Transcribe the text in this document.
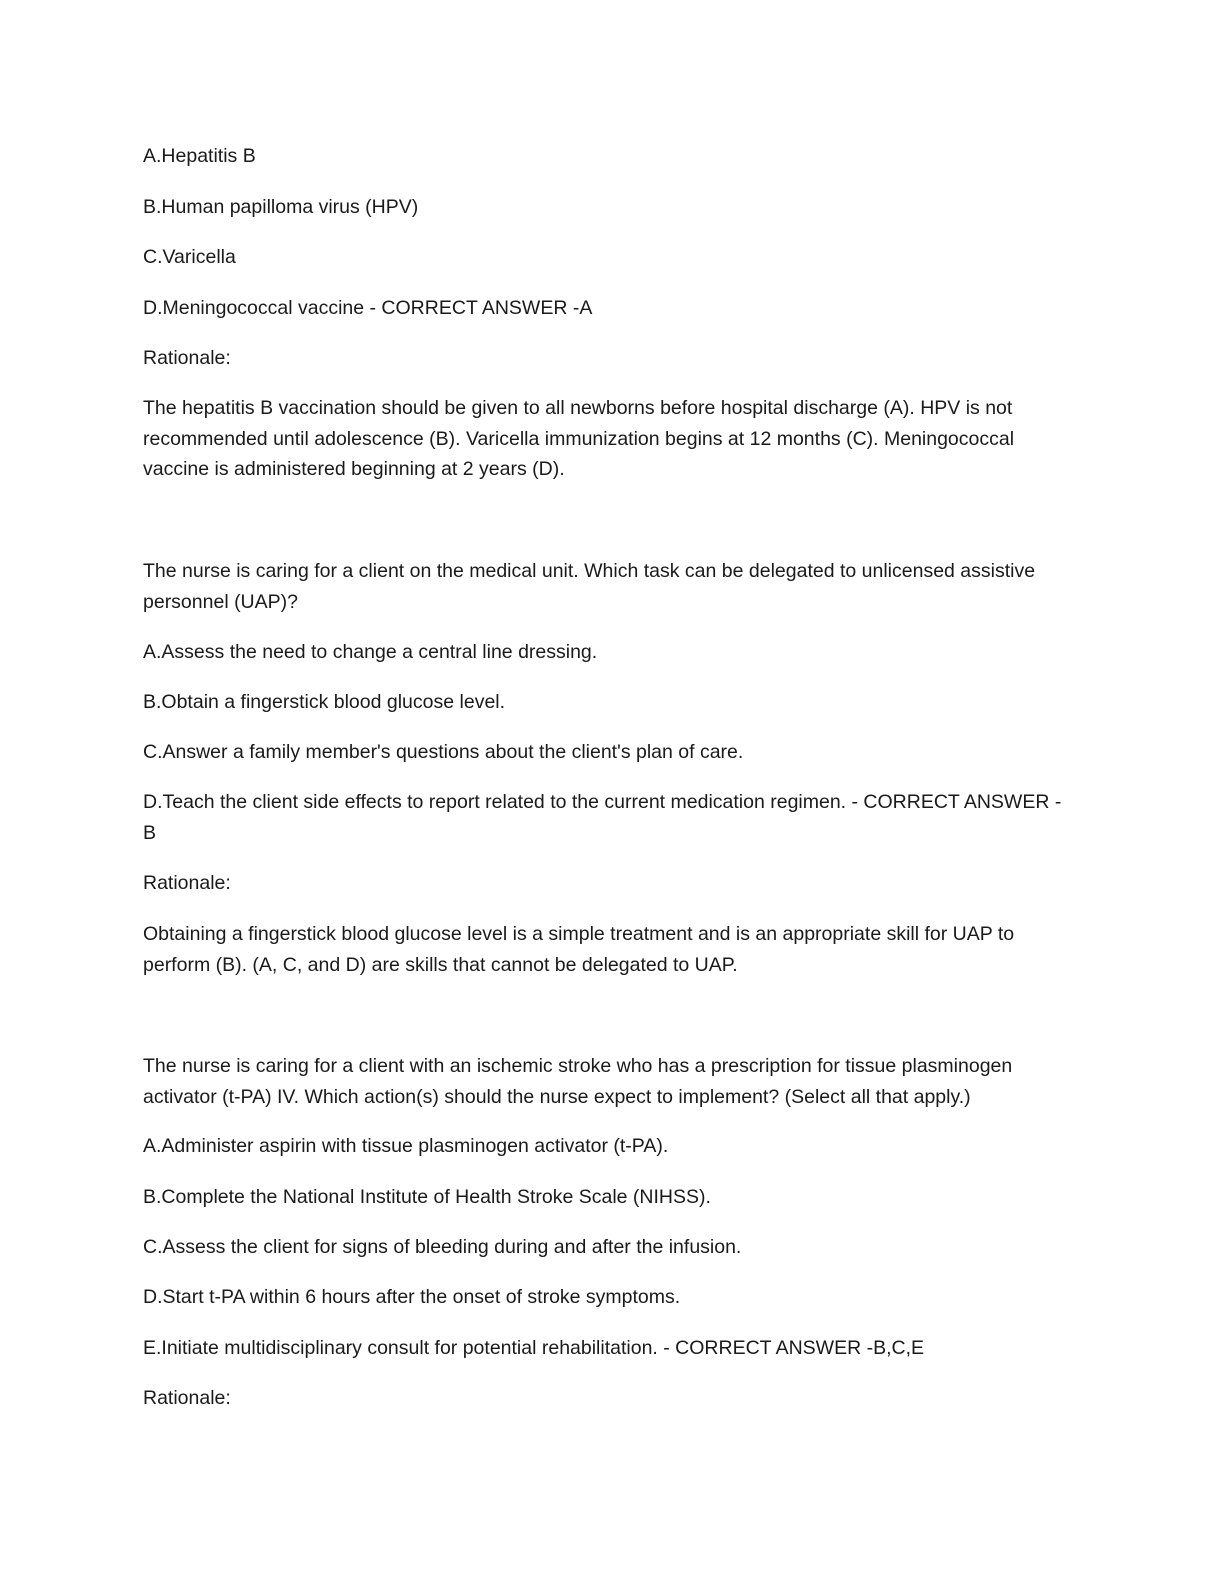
A.Hepatitis B
B.Human papilloma virus (HPV)
C.Varicella
D.Meningococcal vaccine - CORRECT ANSWER -A
Rationale:
The hepatitis B vaccination should be given to all newborns before hospital discharge (A). HPV is not recommended until adolescence (B). Varicella immunization begins at 12 months (C). Meningococcal vaccine is administered beginning at 2 years (D).
The nurse is caring for a client on the medical unit. Which task can be delegated to unlicensed assistive personnel (UAP)?
A.Assess the need to change a central line dressing.
B.Obtain a fingerstick blood glucose level.
C.Answer a family member's questions about the client's plan of care.
D.Teach the client side effects to report related to the current medication regimen. - CORRECT ANSWER -B
Rationale:
Obtaining a fingerstick blood glucose level is a simple treatment and is an appropriate skill for UAP to perform (B). (A, C, and D) are skills that cannot be delegated to UAP.
The nurse is caring for a client with an ischemic stroke who has a prescription for tissue plasminogen activator (t-PA) IV. Which action(s) should the nurse expect to implement? (Select all that apply.)
A.Administer aspirin with tissue plasminogen activator (t-PA).
B.Complete the National Institute of Health Stroke Scale (NIHSS).
C.Assess the client for signs of bleeding during and after the infusion.
D.Start t-PA within 6 hours after the onset of stroke symptoms.
E.Initiate multidisciplinary consult for potential rehabilitation. - CORRECT ANSWER -B,C,E
Rationale:
